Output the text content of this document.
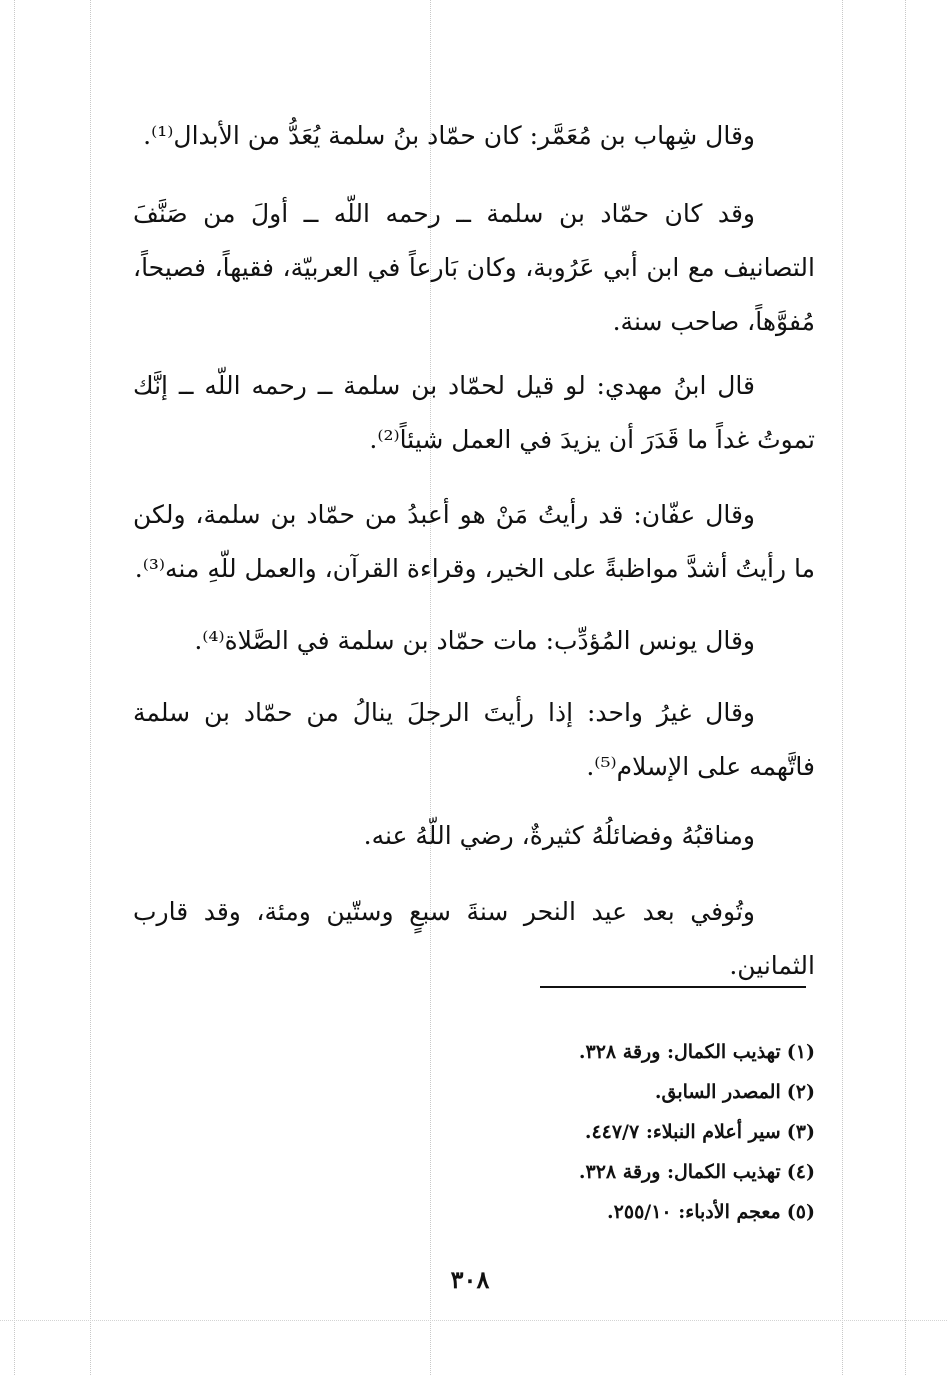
وقال شِهاب بن مُعَمَّر: كان حمّاد بنُ سلمة يُعَدُّ من الأبدال⁽¹⁾.

وقد كان حمّاد بن سلمة ــ رحمه اللّه ــ أولَ من صَنَّفَ التصانيف مع ابن أبي عَرُوبة، وكان بَارعاً في العربيّة، فقيهاً، فصيحاً، مُفوَّهاً، صاحب سنة.

قال ابنُ مهدي: لو قيل لحمّاد بن سلمة ــ رحمه اللّه ــ إنَّك تموتُ غداً ما قَدَرَ أن يزيدَ في العمل شيئاً⁽²⁾.

وقال عفّان: قد رأيتُ مَنْ هو أعبدُ من حمّاد بن سلمة، ولكن ما رأيتُ أشدَّ مواظبةً على الخير، وقراءة القرآن، والعمل للّهِ منه⁽³⁾.

وقال يونس المُؤدِّب: مات حمّاد بن سلمة في الصَّلاة⁽⁴⁾.

وقال غيرُ واحد: إذا رأيتَ الرجلَ ينالُ من حمّاد بن سلمة فاتَّهمه على الإسلام⁽⁵⁾.

ومناقبُهُ وفضائلُهُ كثيرةٌ، رضي اللّهُ عنه.

وتُوفي بعد عيد النحر سنةَ سبعٍ وستّين ومئة، وقد قارب الثمانين.

(١) تهذيب الكمال: ورقة ٣٢٨.
(٢) المصدر السابق.
(٣) سير أعلام النبلاء: ٤٤٧/٧.
(٤) تهذيب الكمال: ورقة ٣٢٨.
(٥) معجم الأدباء: ٢٥٥/١٠.
٣٠٨
